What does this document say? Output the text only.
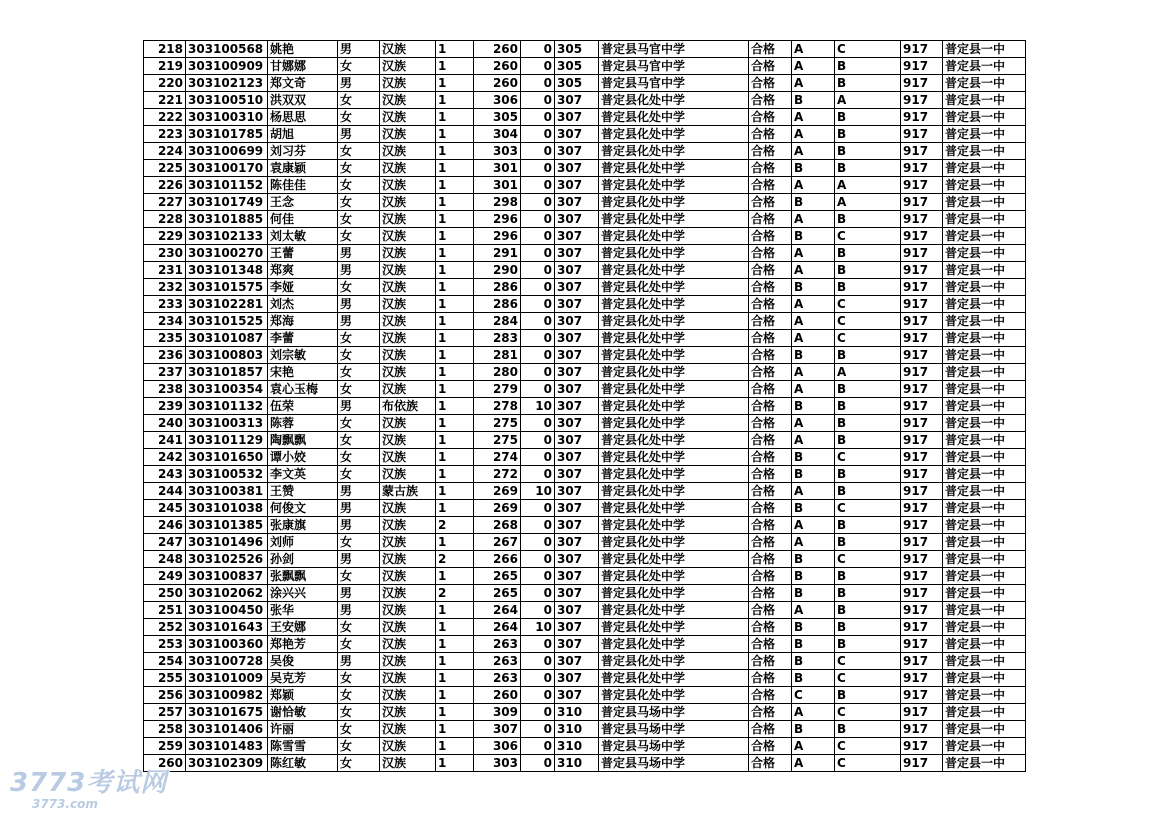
218	303100568	姚艳	男	汉族	1	260	0	305	普定县马官中学	合格	A	C	917	普定县一中
219	303100909	甘娜娜	女	汉族	1	260	0	305	普定县马官中学	合格	A	B	917	普定县一中
220	303102123	郑文奇	男	汉族	1	260	0	305	普定县马官中学	合格	A	B	917	普定县一中
221	303100510	洪双双	女	汉族	1	306	0	307	普定县化处中学	合格	B	A	917	普定县一中
222	303100310	杨思思	女	汉族	1	305	0	307	普定县化处中学	合格	A	B	917	普定县一中
223	303101785	胡旭	男	汉族	1	304	0	307	普定县化处中学	合格	A	B	917	普定县一中
224	303100699	刘习芬	女	汉族	1	303	0	307	普定县化处中学	合格	A	B	917	普定县一中
225	303100170	袁康颖	女	汉族	1	301	0	307	普定县化处中学	合格	B	B	917	普定县一中
226	303101152	陈佳佳	女	汉族	1	301	0	307	普定县化处中学	合格	A	A	917	普定县一中
227	303101749	王念	女	汉族	1	298	0	307	普定县化处中学	合格	B	A	917	普定县一中
228	303101885	何佳	女	汉族	1	296	0	307	普定县化处中学	合格	A	B	917	普定县一中
229	303102133	刘太敏	女	汉族	1	296	0	307	普定县化处中学	合格	B	C	917	普定县一中
230	303100270	王蕾	男	汉族	1	291	0	307	普定县化处中学	合格	A	B	917	普定县一中
231	303101348	郑爽	男	汉族	1	290	0	307	普定县化处中学	合格	A	B	917	普定县一中
232	303101575	李娅	女	汉族	1	286	0	307	普定县化处中学	合格	B	B	917	普定县一中
233	303102281	刘杰	男	汉族	1	286	0	307	普定县化处中学	合格	A	C	917	普定县一中
234	303101525	郑海	男	汉族	1	284	0	307	普定县化处中学	合格	A	C	917	普定县一中
235	303101087	李蕾	女	汉族	1	283	0	307	普定县化处中学	合格	A	C	917	普定县一中
236	303100803	刘宗敏	女	汉族	1	281	0	307	普定县化处中学	合格	B	B	917	普定县一中
237	303101857	宋艳	女	汉族	1	280	0	307	普定县化处中学	合格	A	A	917	普定县一中
238	303100354	袁心玉梅	女	汉族	1	279	0	307	普定县化处中学	合格	A	B	917	普定县一中
239	303101132	伍荣	男	布依族	1	278	10	307	普定县化处中学	合格	B	B	917	普定县一中
240	303100313	陈蓉	女	汉族	1	275	0	307	普定县化处中学	合格	A	B	917	普定县一中
241	303101129	陶飘飘	女	汉族	1	275	0	307	普定县化处中学	合格	A	B	917	普定县一中
242	303101650	谭小姣	女	汉族	1	274	0	307	普定县化处中学	合格	B	C	917	普定县一中
243	303100532	李文英	女	汉族	1	272	0	307	普定县化处中学	合格	B	B	917	普定县一中
244	303100381	王赞	男	蒙古族	1	269	10	307	普定县化处中学	合格	A	B	917	普定县一中
245	303101038	何俊文	男	汉族	1	269	0	307	普定县化处中学	合格	B	C	917	普定县一中
246	303101385	张康旗	男	汉族	2	268	0	307	普定县化处中学	合格	A	B	917	普定县一中
247	303101496	刘师	女	汉族	1	267	0	307	普定县化处中学	合格	A	B	917	普定县一中
248	303102526	孙剑	男	汉族	2	266	0	307	普定县化处中学	合格	B	C	917	普定县一中
249	303100837	张飘飘	女	汉族	1	265	0	307	普定县化处中学	合格	B	B	917	普定县一中
250	303102062	涂兴兴	男	汉族	2	265	0	307	普定县化处中学	合格	B	B	917	普定县一中
251	303100450	张华	男	汉族	1	264	0	307	普定县化处中学	合格	A	B	917	普定县一中
252	303101643	王安娜	女	汉族	1	264	10	307	普定县化处中学	合格	B	B	917	普定县一中
253	303100360	郑艳芳	女	汉族	1	263	0	307	普定县化处中学	合格	B	B	917	普定县一中
254	303100728	吴俊	男	汉族	1	263	0	307	普定县化处中学	合格	B	C	917	普定县一中
255	303101009	吴克芳	女	汉族	1	263	0	307	普定县化处中学	合格	B	C	917	普定县一中
256	303100982	郑颖	女	汉族	1	260	0	307	普定县化处中学	合格	C	B	917	普定县一中
257	303101675	谢恰敏	女	汉族	1	309	0	310	普定县马场中学	合格	A	C	917	普定县一中
258	303101406	许丽	女	汉族	1	307	0	310	普定县马场中学	合格	B	B	917	普定县一中
259	303101483	陈雪雪	女	汉族	1	306	0	310	普定县马场中学	合格	A	C	917	普定县一中
260	303102309	陈红敏	女	汉族	1	303	0	310	普定县马场中学	合格	A	C	917	普定县一中
3773考试网
3773.com
